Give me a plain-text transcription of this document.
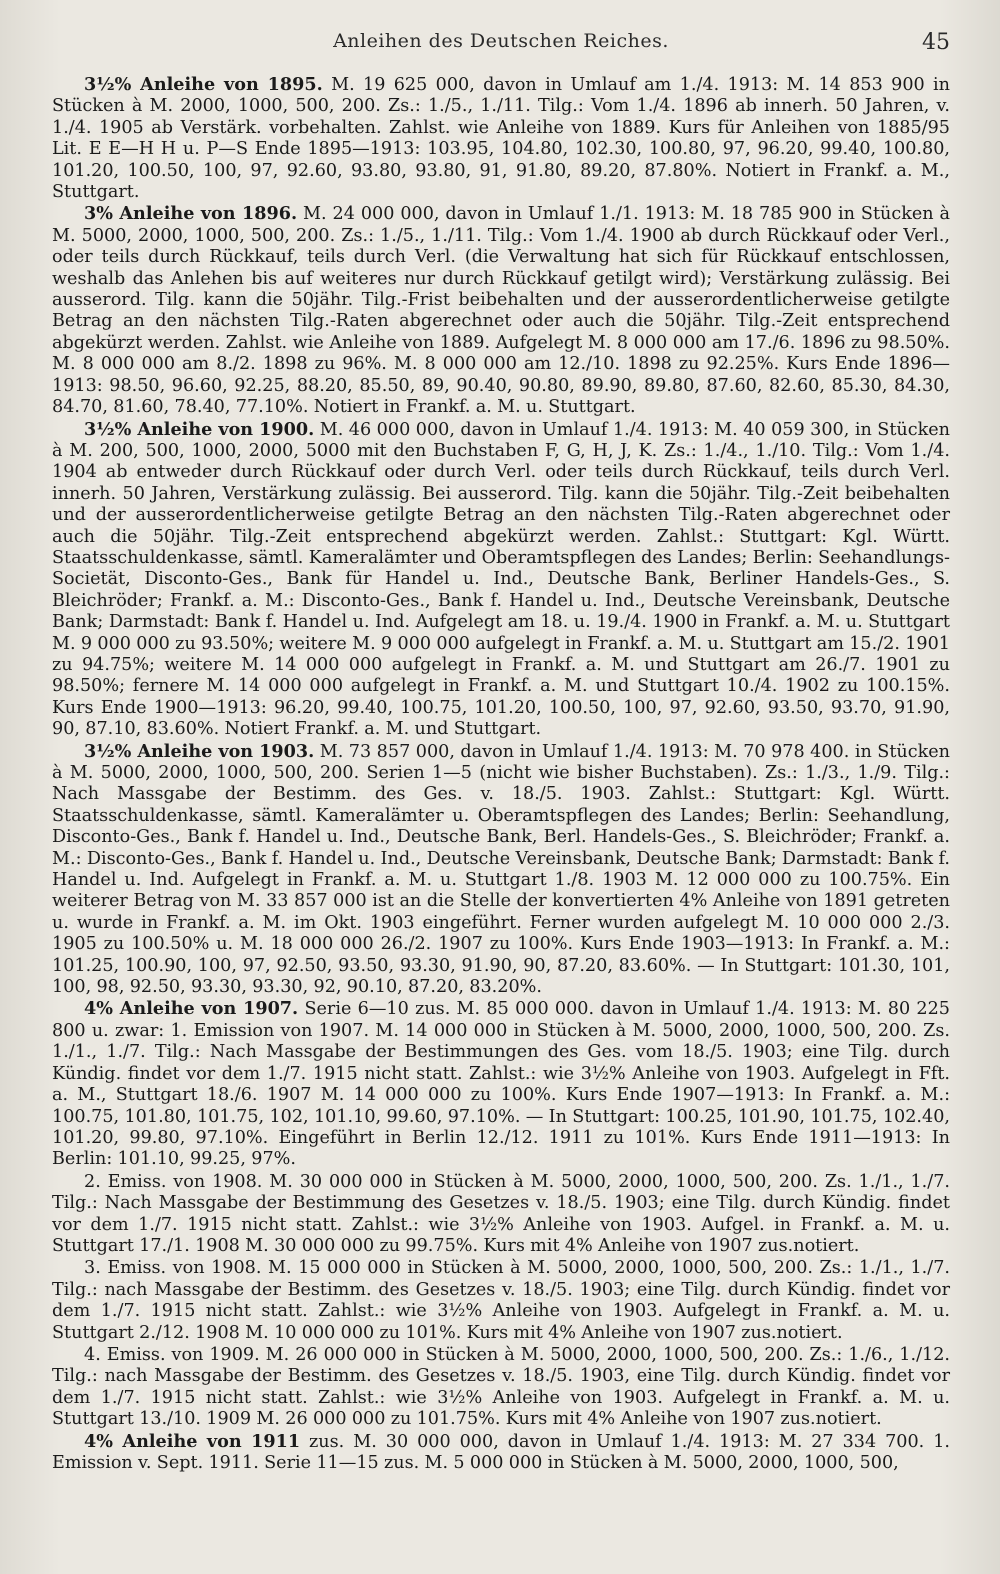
Anleihen des Deutschen Reiches.	45

3½% Anleihe von 1895. M. 19 625 000, davon in Umlauf am 1./4. 1913: M. 14 853 900 in Stücken à M. 2000, 1000, 500, 200. Zs.: 1./5., 1./11. Tilg.: Vom 1./4. 1896 ab innerh. 50 Jahren, v. 1./4. 1905 ab Verstärk. vorbehalten. Zahlst. wie Anleihe von 1889. Kurs für Anleihen von 1885/95 Lit. E E—H H u. P—S Ende 1895—1913: 103.95, 104.80, 102.30, 100.80, 97, 96.20, 99.40, 100.80, 101.20, 100.50, 100, 97, 92.60, 93.80, 93.80, 91, 91.80, 89.20, 87.80%. Notiert in Frankf. a. M., Stuttgart.

3% Anleihe von 1896. M. 24 000 000, davon in Umlauf 1./1. 1913: M. 18 785 900 in Stücken à M. 5000, 2000, 1000, 500, 200. Zs.: 1./5., 1./11. Tilg.: Vom 1./4. 1900 ab durch Rückkauf oder Verl., oder teils durch Rückkauf, teils durch Verl. (die Verwaltung hat sich für Rückkauf entschlossen, weshalb das Anlehen bis auf weiteres nur durch Rückkauf getilgt wird); Verstärkung zulässig. Bei ausserord. Tilg. kann die 50jähr. Tilg.-Frist beibehalten und der ausserordentlicherweise getilgte Betrag an den nächsten Tilg.-Raten abgerechnet oder auch die 50jähr. Tilg.-Zeit entsprechend abgekürzt werden. Zahlst. wie Anleihe von 1889. Aufgelegt M. 8 000 000 am 17./6. 1896 zu 98.50%. M. 8 000 000 am 8./2. 1898 zu 96%. M. 8 000 000 am 12./10. 1898 zu 92.25%. Kurs Ende 1896—1913: 98.50, 96.60, 92.25, 88.20, 85.50, 89, 90.40, 90.80, 89.90, 89.80, 87.60, 82.60, 85.30, 84.30, 84.70, 81.60, 78.40, 77.10%. Notiert in Frankf. a. M. u. Stuttgart.

3½% Anleihe von 1900. M. 46 000 000, davon in Umlauf 1./4. 1913: M. 40 059 300, in Stücken à M. 200, 500, 1000, 2000, 5000 mit den Buchstaben F, G, H, J, K. Zs.: 1./4., 1./10. Tilg.: Vom 1./4. 1904 ab entweder durch Rückkauf oder durch Verl. oder teils durch Rückkauf, teils durch Verl. innerh. 50 Jahren, Verstärkung zulässig. Bei ausserord. Tilg. kann die 50jähr. Tilg.-Zeit beibehalten und der ausserordentlicherweise getilgte Betrag an den nächsten Tilg.-Raten abgerechnet oder auch die 50jähr. Tilg.-Zeit entsprechend abgekürzt werden. Zahlst.: Stuttgart: Kgl. Württ. Staatsschuldenkasse, sämtl. Kameralämter und Oberamtspflegen des Landes; Berlin: Seehandlungs-Societät, Disconto-Ges., Bank für Handel u. Ind., Deutsche Bank, Berliner Handels-Ges., S. Bleichröder; Frankf. a. M.: Disconto-Ges., Bank f. Handel u. Ind., Deutsche Vereinsbank, Deutsche Bank; Darmstadt: Bank f. Handel u. Ind. Aufgelegt am 18. u. 19./4. 1900 in Frankf. a. M. u. Stuttgart M. 9 000 000 zu 93.50%; weitere M. 9 000 000 aufgelegt in Frankf. a. M. u. Stuttgart am 15./2. 1901 zu 94.75%; weitere M. 14 000 000 aufgelegt in Frankf. a. M. und Stuttgart am 26./7. 1901 zu 98.50%; fernere M. 14 000 000 aufgelegt in Frankf. a. M. und Stuttgart 10./4. 1902 zu 100.15%. Kurs Ende 1900—1913: 96.20, 99.40, 100.75, 101.20, 100.50, 100, 97, 92.60, 93.50, 93.70, 91.90, 90, 87.10, 83.60%. Notiert Frankf. a. M. und Stuttgart.

3½% Anleihe von 1903. M. 73 857 000, davon in Umlauf 1./4. 1913: M. 70 978 400. in Stücken à M. 5000, 2000, 1000, 500, 200. Serien 1—5 (nicht wie bisher Buchstaben). Zs.: 1./3., 1./9. Tilg.: Nach Massgabe der Bestimm. des Ges. v. 18./5. 1903. Zahlst.: Stuttgart: Kgl. Württ. Staatsschuldenkasse, sämtl. Kameralämter u. Oberamtspflegen des Landes; Berlin: Seehandlung, Disconto-Ges., Bank f. Handel u. Ind., Deutsche Bank, Berl. Handels-Ges., S. Bleichröder; Frankf. a. M.: Disconto-Ges., Bank f. Handel u. Ind., Deutsche Vereinsbank, Deutsche Bank; Darmstadt: Bank f. Handel u. Ind. Aufgelegt in Frankf. a. M. u. Stuttgart 1./8. 1903 M. 12 000 000 zu 100.75%. Ein weiterer Betrag von M. 33 857 000 ist an die Stelle der konvertierten 4% Anleihe von 1891 getreten u. wurde in Frankf. a. M. im Okt. 1903 eingeführt. Ferner wurden aufgelegt M. 10 000 000 2./3. 1905 zu 100.50% u. M. 18 000 000 26./2. 1907 zu 100%. Kurs Ende 1903—1913: In Frankf. a. M.: 101.25, 100.90, 100, 97, 92.50, 93.50, 93.30, 91.90, 90, 87.20, 83.60%. — In Stuttgart: 101.30, 101, 100, 98, 92.50, 93.30, 93.30, 92, 90.10, 87.20, 83.20%.

4% Anleihe von 1907. Serie 6—10 zus. M. 85 000 000. davon in Umlauf 1./4. 1913: M. 80 225 800 u. zwar: 1. Emission von 1907. M. 14 000 000 in Stücken à M. 5000, 2000, 1000, 500, 200. Zs. 1./1., 1./7. Tilg.: Nach Massgabe der Bestimmungen des Ges. vom 18./5. 1903; eine Tilg. durch Kündig. findet vor dem 1./7. 1915 nicht statt. Zahlst.: wie 3½% Anleihe von 1903. Aufgelegt in Fft. a. M., Stuttgart 18./6. 1907 M. 14 000 000 zu 100%. Kurs Ende 1907—1913: In Frankf. a. M.: 100.75, 101.80, 101.75, 102, 101.10, 99.60, 97.10%. — In Stuttgart: 100.25, 101.90, 101.75, 102.40, 101.20, 99.80, 97.10%. Eingeführt in Berlin 12./12. 1911 zu 101%. Kurs Ende 1911—1913: In Berlin: 101.10, 99.25, 97%.

2. Emiss. von 1908. M. 30 000 000 in Stücken à M. 5000, 2000, 1000, 500, 200. Zs. 1./1., 1./7. Tilg.: Nach Massgabe der Bestimmung des Gesetzes v. 18./5. 1903; eine Tilg. durch Kündig. findet vor dem 1./7. 1915 nicht statt. Zahlst.: wie 3½% Anleihe von 1903. Aufgel. in Frankf. a. M. u. Stuttgart 17./1. 1908 M. 30 000 000 zu 99.75%. Kurs mit 4% Anleihe von 1907 zus.notiert.

3. Emiss. von 1908. M. 15 000 000 in Stücken à M. 5000, 2000, 1000, 500, 200. Zs.: 1./1., 1./7. Tilg.: nach Massgabe der Bestimm. des Gesetzes v. 18./5. 1903; eine Tilg. durch Kündig. findet vor dem 1./7. 1915 nicht statt. Zahlst.: wie 3½% Anleihe von 1903. Aufgelegt in Frankf. a. M. u. Stuttgart 2./12. 1908 M. 10 000 000 zu 101%. Kurs mit 4% Anleihe von 1907 zus.notiert.

4. Emiss. von 1909. M. 26 000 000 in Stücken à M. 5000, 2000, 1000, 500, 200. Zs.: 1./6., 1./12. Tilg.: nach Massgabe der Bestimm. des Gesetzes v. 18./5. 1903, eine Tilg. durch Kündig. findet vor dem 1./7. 1915 nicht statt. Zahlst.: wie 3½% Anleihe von 1903. Aufgelegt in Frankf. a. M. u. Stuttgart 13./10. 1909 M. 26 000 000 zu 101.75%. Kurs mit 4% Anleihe von 1907 zus.notiert.

4% Anleihe von 1911 zus. M. 30 000 000, davon in Umlauf 1./4. 1913: M. 27 334 700. 1. Emission v. Sept. 1911. Serie 11—15 zus. M. 5 000 000 in Stücken à M. 5000, 2000, 1000, 500,
